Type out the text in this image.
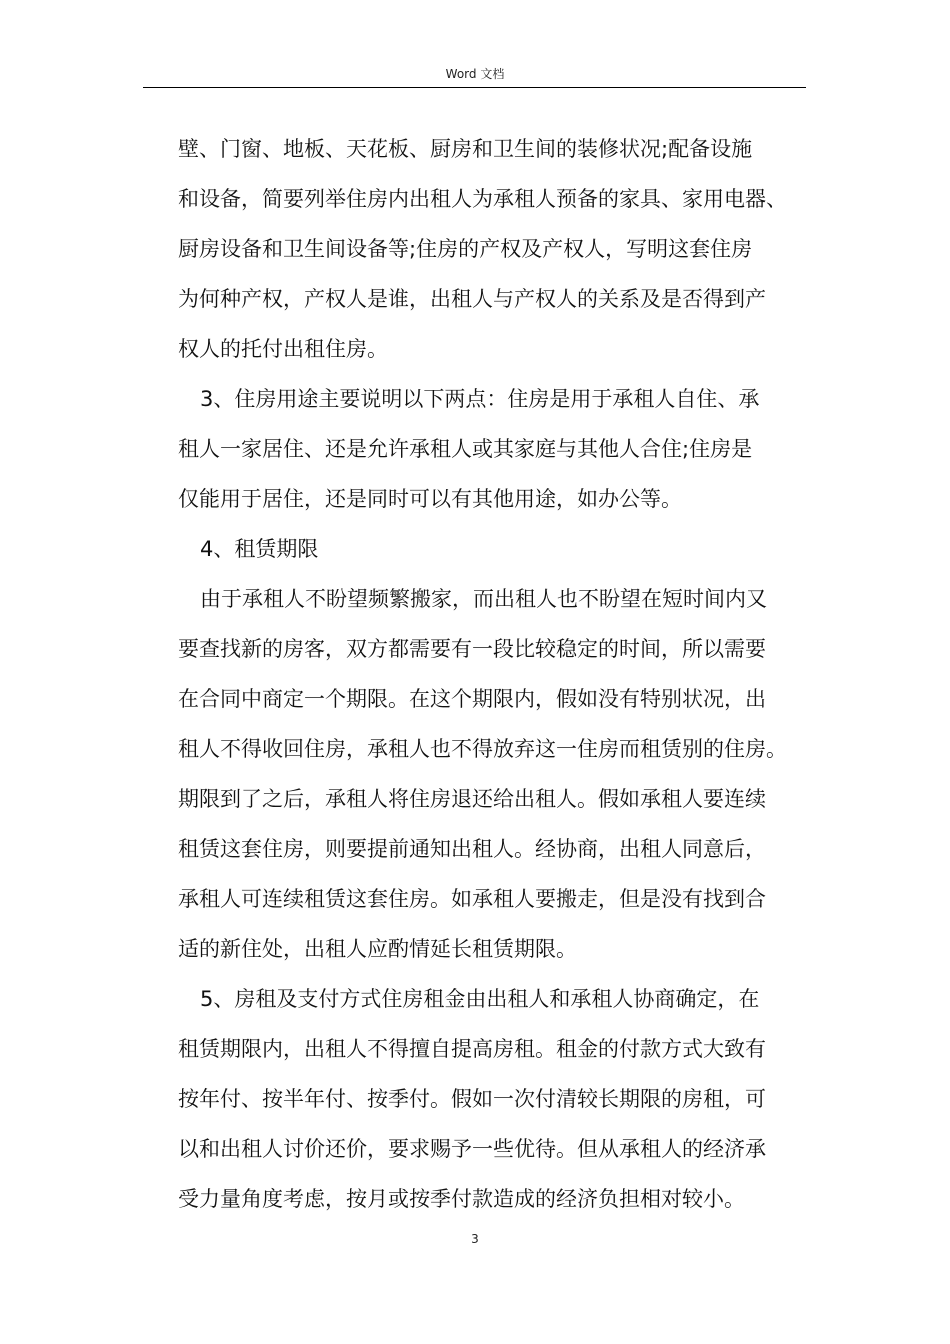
Word 文档
壁、门窗、地板、天花板、厨房和卫生间的装修状况;配备设施
和设备，简要列举住房内出租人为承租人预备的家具、家用电器、
厨房设备和卫生间设备等;住房的产权及产权人，写明这套住房
为何种产权，产权人是谁，出租人与产权人的关系及是否得到产
权人的托付出租住房。
3、住房用途主要说明以下两点：住房是用于承租人自住、承
租人一家居住、还是允许承租人或其家庭与其他人合住;住房是
仅能用于居住，还是同时可以有其他用途，如办公等。
4、租赁期限
由于承租人不盼望频繁搬家，而出租人也不盼望在短时间内又
要查找新的房客，双方都需要有一段比较稳定的时间，所以需要
在合同中商定一个期限。在这个期限内，假如没有特别状况，出
租人不得收回住房，承租人也不得放弃这一住房而租赁别的住房。
期限到了之后，承租人将住房退还给出租人。假如承租人要连续
租赁这套住房，则要提前通知出租人。经协商，出租人同意后，
承租人可连续租赁这套住房。如承租人要搬走，但是没有找到合
适的新住处，出租人应酌情延长租赁期限。
5、房租及支付方式住房租金由出租人和承租人协商确定，在
租赁期限内，出租人不得擅自提高房租。租金的付款方式大致有
按年付、按半年付、按季付。假如一次付清较长期限的房租，可
以和出租人讨价还价，要求赐予一些优待。但从承租人的经济承
受力量角度考虑，按月或按季付款造成的经济负担相对较小。
3
